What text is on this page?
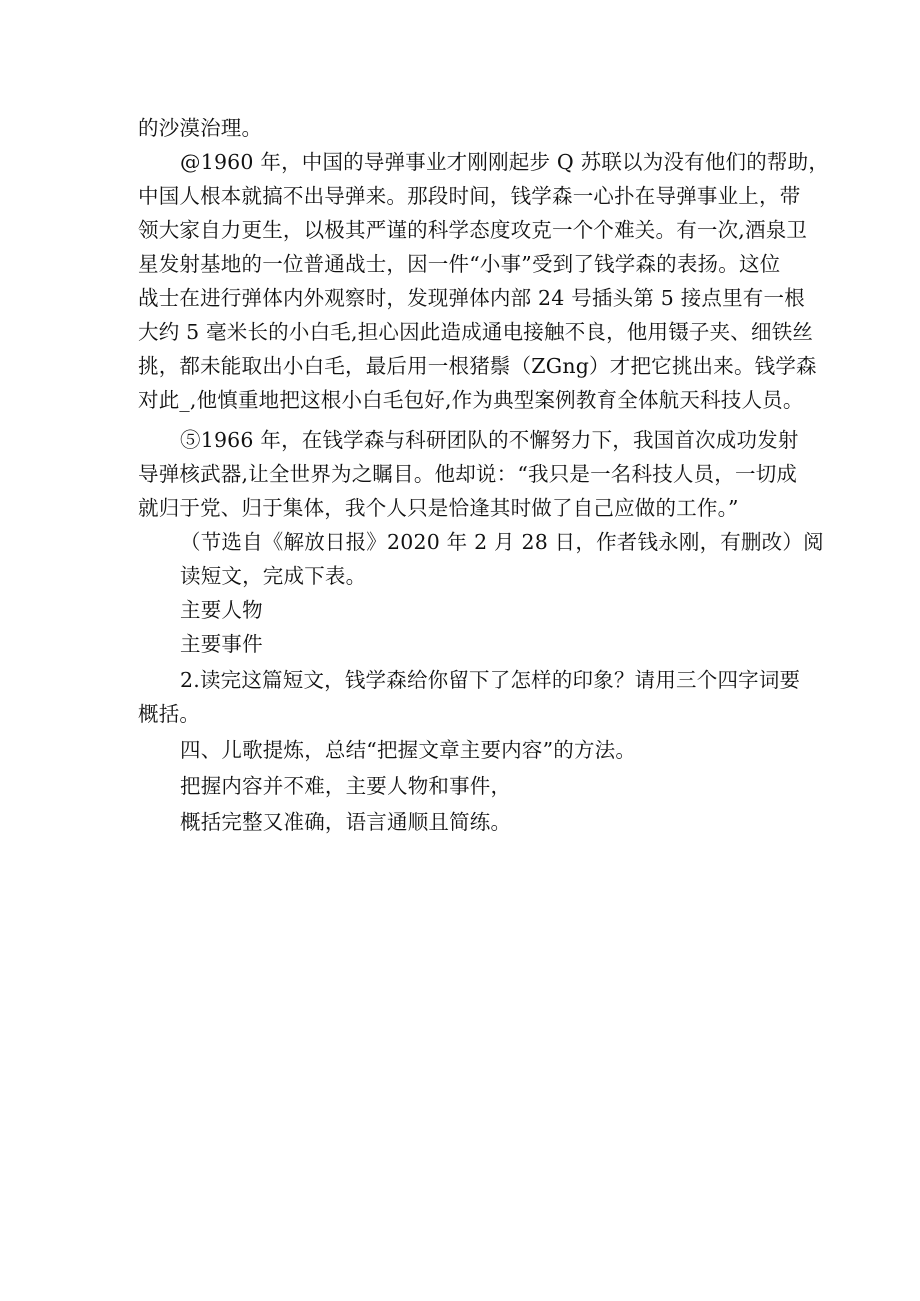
的沙漠治理。
@1960 年，中国的导弹事业才刚刚起步 Q 苏联以为没有他们的帮助，
中国人根本就搞不出导弹来。那段时间，钱学森一心扑在导弹事业上，带
领大家自力更生，以极其严谨的科学态度攻克一个个难关。有一次,酒泉卫
星发射基地的一位普通战士，因一件“小事”受到了钱学森的表扬。这位
战士在进行弹体内外观察时，发现弹体内部 24 号插头第 5 接点里有一根
大约 5 毫米长的小白毛,担心因此造成通电接触不良，他用镊子夹、细铁丝
挑，都未能取出小白毛，最后用一根猪鬃（ZGng）才把它挑出来。钱学森
对此_,他慎重地把这根小白毛包好,作为典型案例教育全体航天科技人员。
⑤1966 年，在钱学森与科研团队的不懈努力下，我国首次成功发射
导弹核武器,让全世界为之瞩目。他却说：“我只是一名科技人员，一切成
就归于党、归于集体，我个人只是恰逢其时做了自己应做的工作。”
（节选自《解放日报》2020 年 2 月 28 日，作者钱永刚，有删改）阅
读短文，完成下表。
主要人物
主要事件
2.读完这篇短文，钱学森给你留下了怎样的印象？请用三个四字词要
概括。
四、儿歌提炼，总结“把握文章主要内容”的方法。
把握内容并不难，主要人物和事件，
概括完整又准确，语言通顺且简练。
